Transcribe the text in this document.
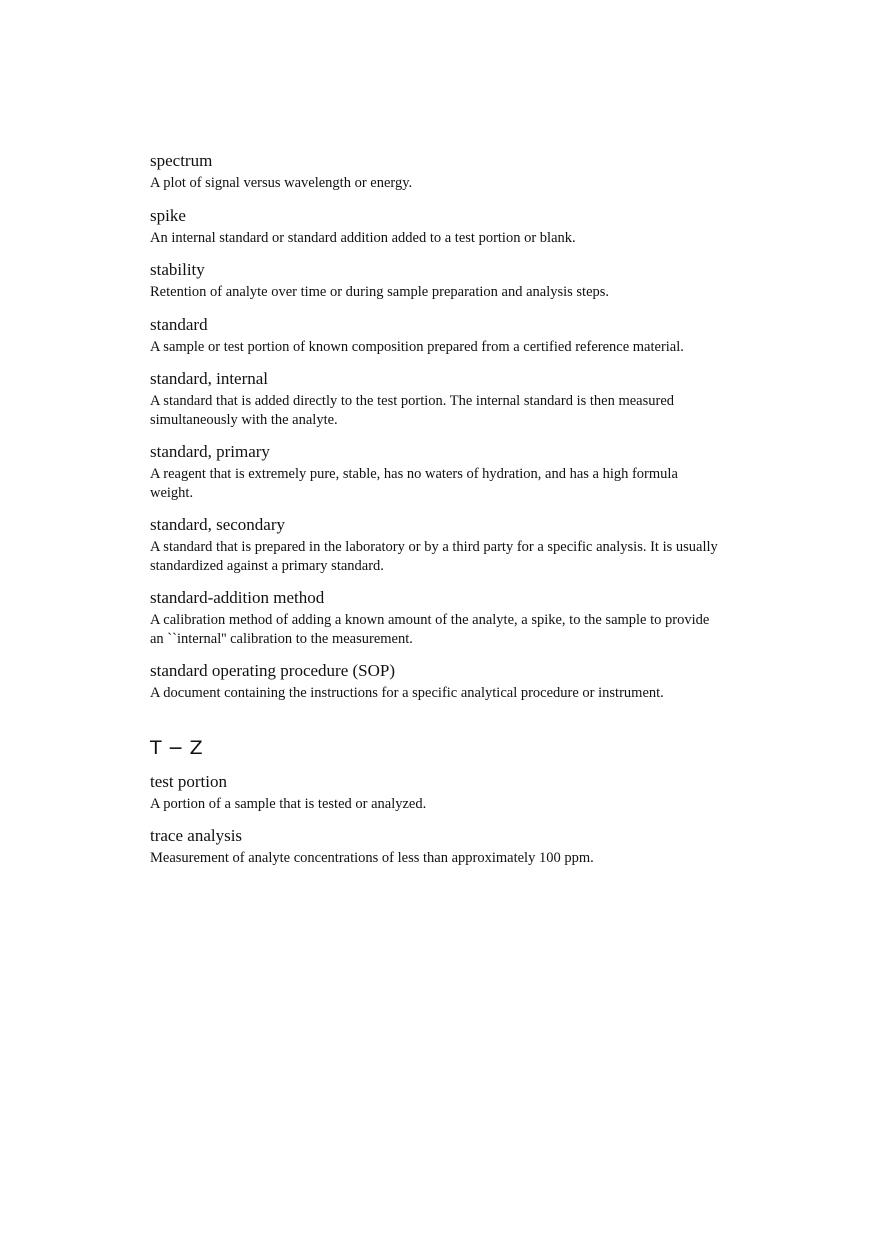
spectrum
A plot of signal versus wavelength or energy.
spike
An internal standard or standard addition added to a test portion or blank.
stability
Retention of analyte over time or during sample preparation and analysis steps.
standard
A sample or test portion of known composition prepared from a certified reference material.
standard, internal
A standard that is added directly to the test portion. The internal standard is then measured simultaneously with the analyte.
standard, primary
A reagent that is extremely pure, stable, has no waters of hydration, and has a high formula weight.
standard, secondary
A standard that is prepared in the laboratory or by a third party for a specific analysis. It is usually standardized against a primary standard.
standard-addition method
A calibration method of adding a known amount of the analyte, a spike, to the sample to provide an ``internal'' calibration to the measurement.
standard operating procedure (SOP)
A document containing the instructions for a specific analytical procedure or instrument.
T − Z
test portion
A portion of a sample that is tested or analyzed.
trace analysis
Measurement of analyte concentrations of less than approximately 100 ppm.
